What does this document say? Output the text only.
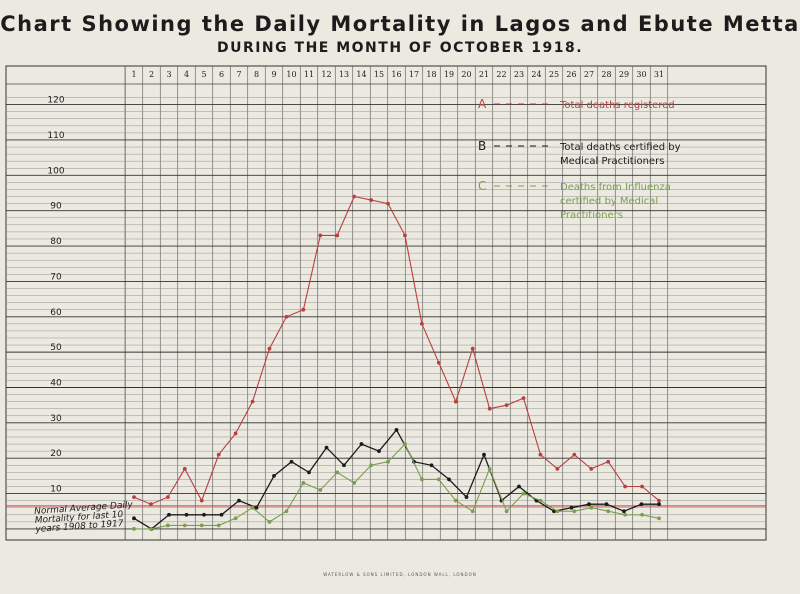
Chart Showing the Daily Mortality in Lagos and Ebute Metta
DURING THE MONTH OF OCTOBER 1918.
10
20
30
40
50
60
70
80
90
100
110
120
1 2 3 4 5 6 7 8 9 10 11 12 13 14 15 16 17 18 19 20 21 22 23 24 25 26 27 28 29 30 31
A	Total deaths registered
B	Total deaths certified by Medical Practitioners
C	Deaths from Influenza certified by Medical Practitioners
Normal Average Daily Mortality for last 10 years 1908 to 1917
WATERLOW & SONS LIMITED, LONDON WALL, LONDON
